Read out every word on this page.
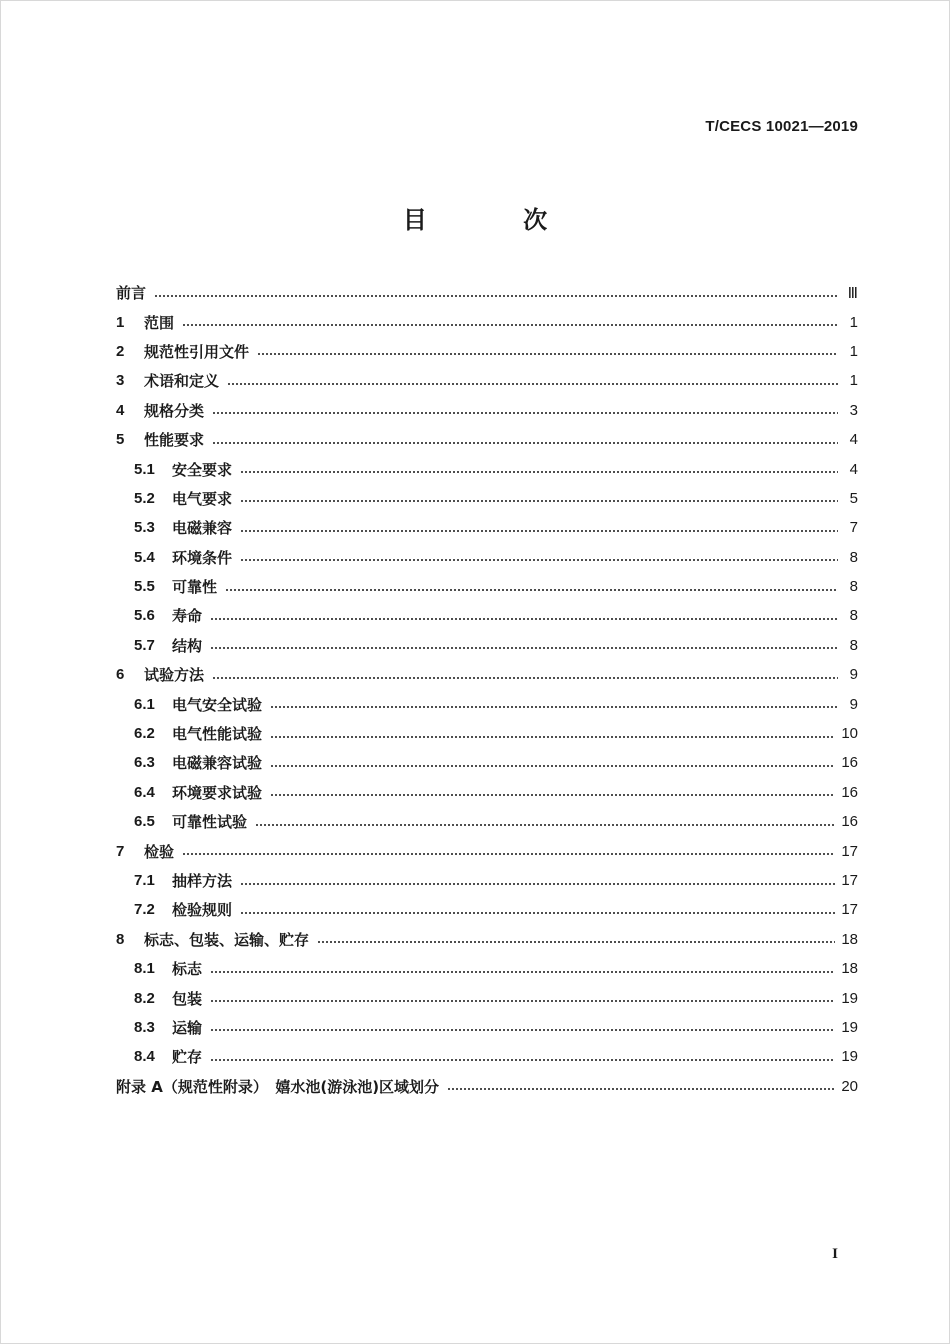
T/CECS 10021—2019
目 次
前言	Ⅲ
1	范围	1
2	规范性引用文件	1
3	术语和定义	1
4	规格分类	3
5	性能要求	4
5.1	安全要求	4
5.2	电气要求	5
5.3	电磁兼容	7
5.4	环境条件	8
5.5	可靠性	8
5.6	寿命	8
5.7	结构	8
6	试验方法	9
6.1	电气安全试验	9
6.2	电气性能试验	10
6.3	电磁兼容试验	16
6.4	环境要求试验	16
6.5	可靠性试验	16
7	检验	17
7.1	抽样方法	17
7.2	检验规则	17
8	标志、包装、运输、贮存	18
8.1	标志	18
8.2	包装	19
8.3	运输	19
8.4	贮存	19
附录 A（规范性附录）　嬉水池(游泳池)区域划分	20
I
